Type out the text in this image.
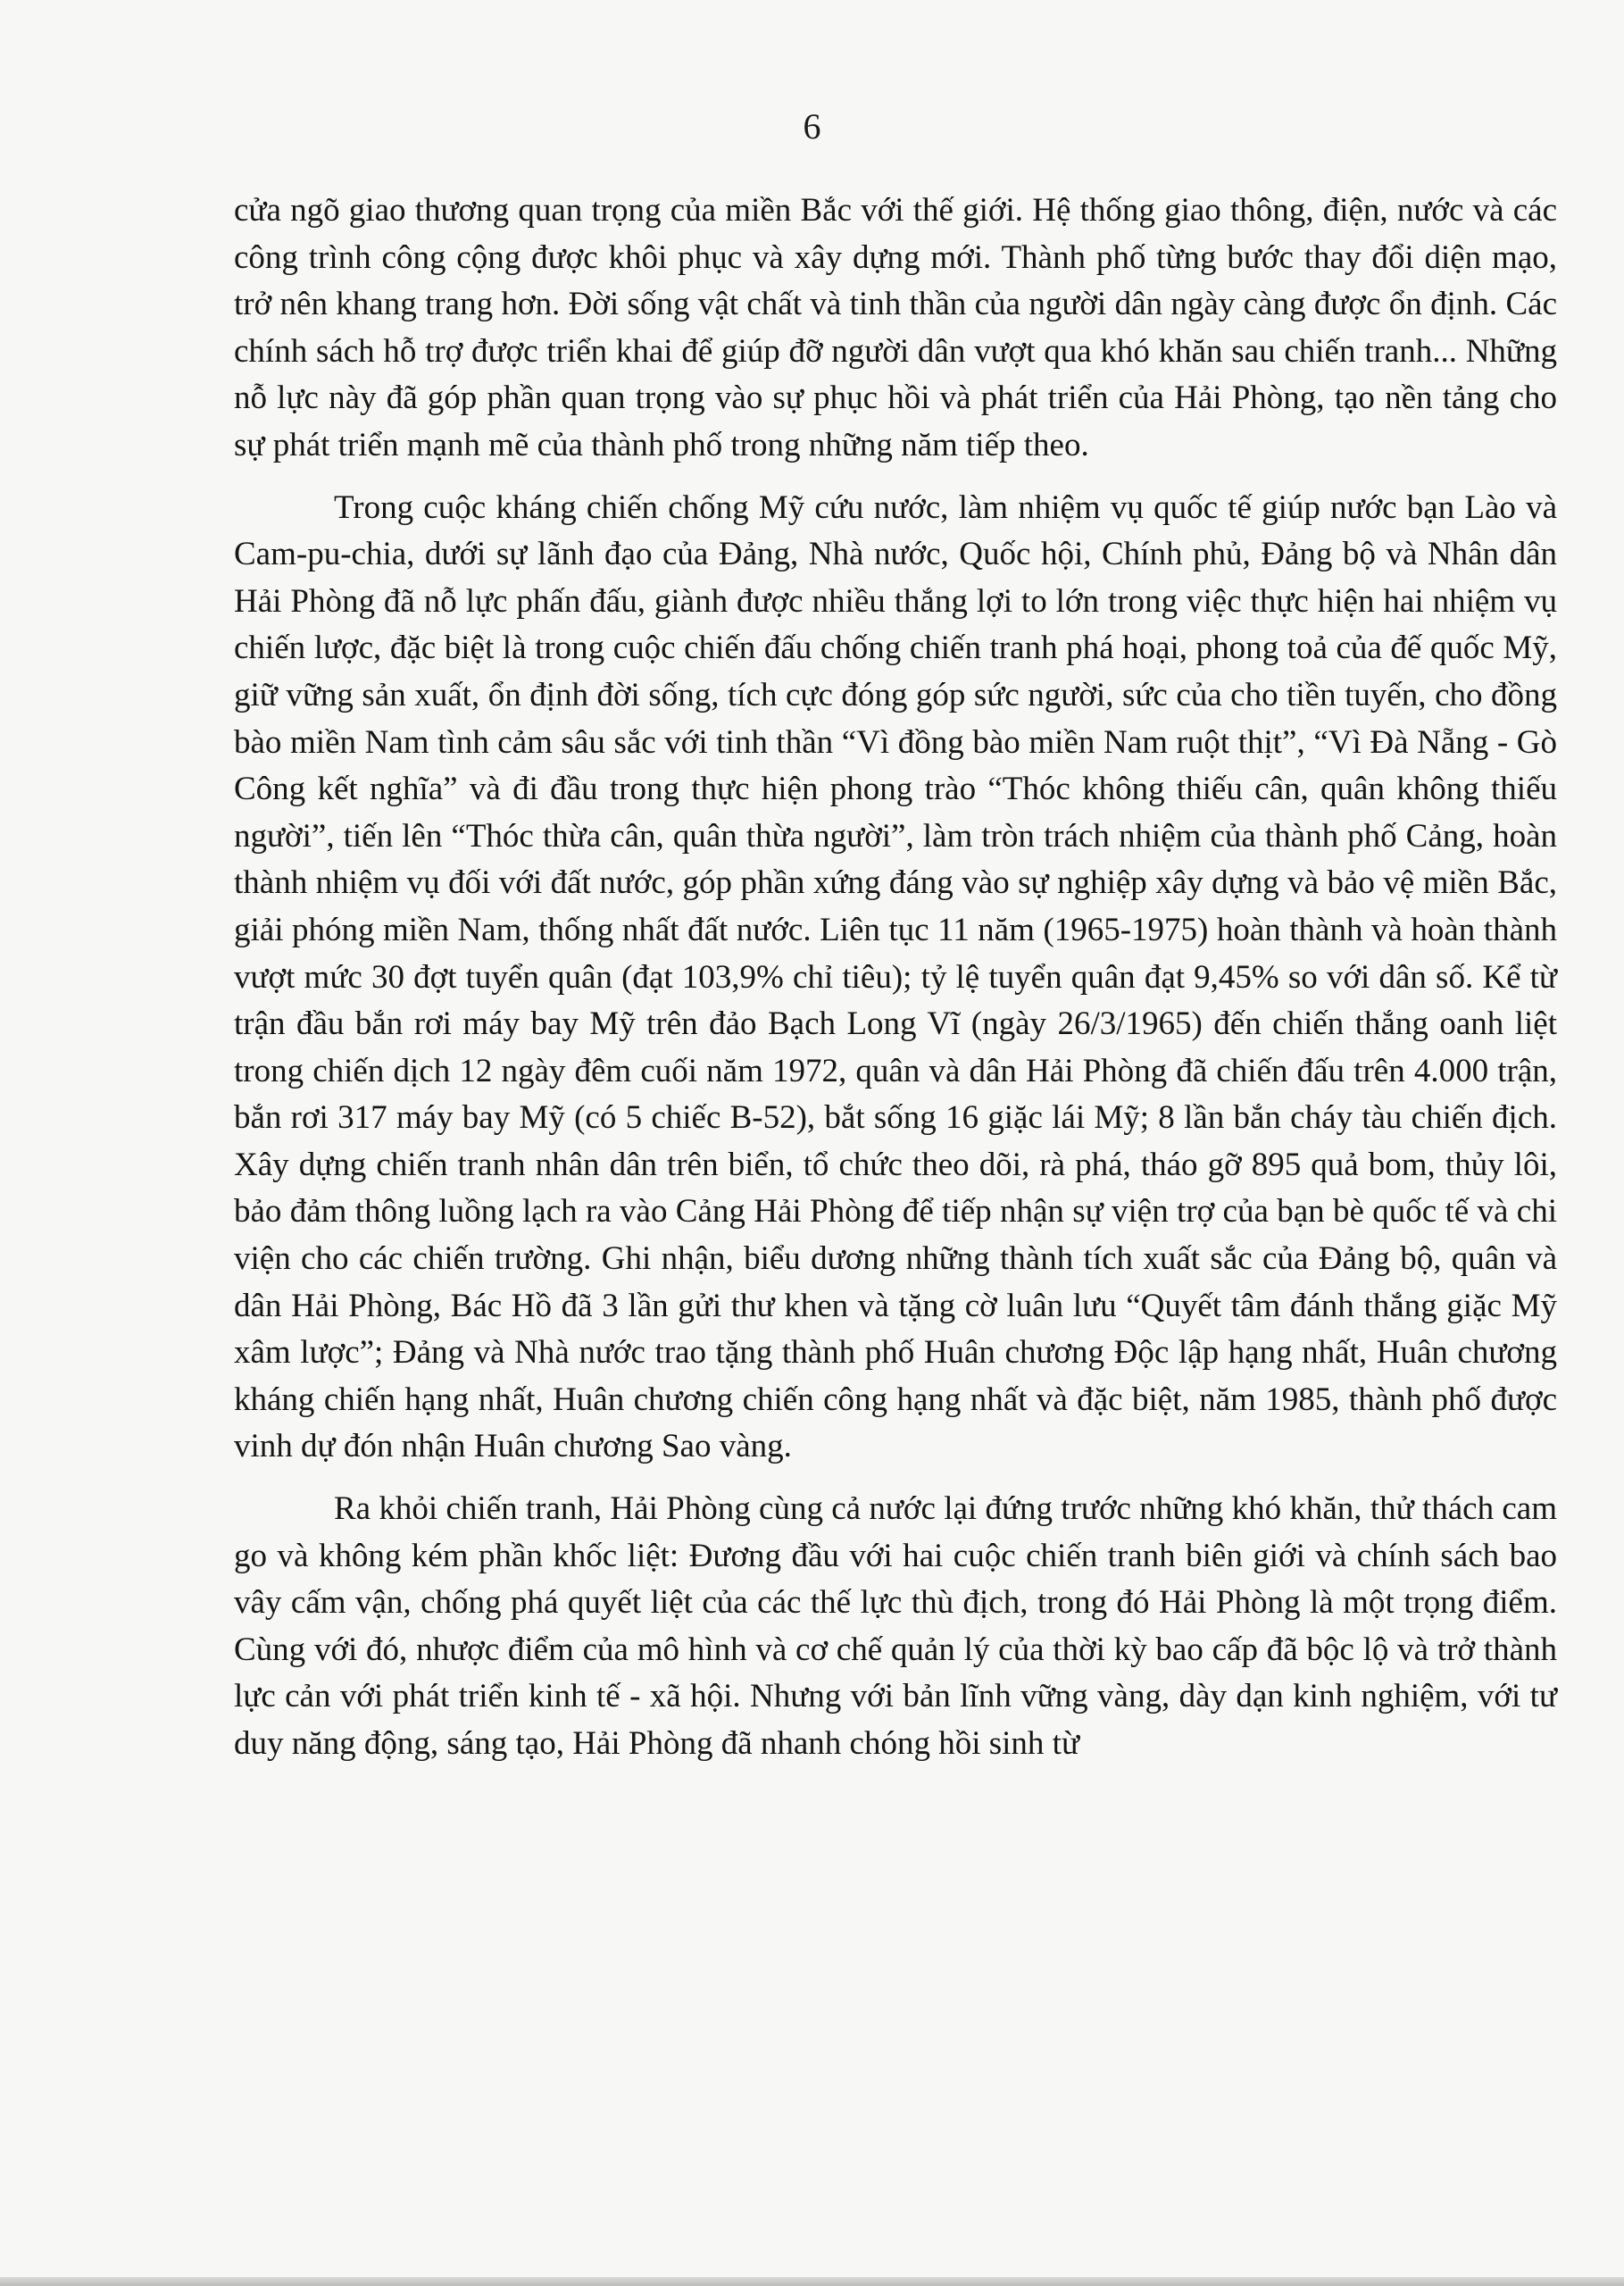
6

cửa ngõ giao thương quan trọng của miền Bắc với thế giới. Hệ thống giao thông, điện, nước và các công trình công cộng được khôi phục và xây dựng mới. Thành phố từng bước thay đổi diện mạo, trở nên khang trang hơn. Đời sống vật chất và tinh thần của người dân ngày càng được ổn định. Các chính sách hỗ trợ được triển khai để giúp đỡ người dân vượt qua khó khăn sau chiến tranh... Những nỗ lực này đã góp phần quan trọng vào sự phục hồi và phát triển của Hải Phòng, tạo nền tảng cho sự phát triển mạnh mẽ của thành phố trong những năm tiếp theo.

Trong cuộc kháng chiến chống Mỹ cứu nước, làm nhiệm vụ quốc tế giúp nước bạn Lào và Cam-pu-chia, dưới sự lãnh đạo của Đảng, Nhà nước, Quốc hội, Chính phủ, Đảng bộ và Nhân dân Hải Phòng đã nỗ lực phấn đấu, giành được nhiều thắng lợi to lớn trong việc thực hiện hai nhiệm vụ chiến lược, đặc biệt là trong cuộc chiến đấu chống chiến tranh phá hoại, phong toả của đế quốc Mỹ, giữ vững sản xuất, ổn định đời sống, tích cực đóng góp sức người, sức của cho tiền tuyến, cho đồng bào miền Nam tình cảm sâu sắc với tinh thần “Vì đồng bào miền Nam ruột thịt”, “Vì Đà Nẵng - Gò Công kết nghĩa” và đi đầu trong thực hiện phong trào “Thóc không thiếu cân, quân không thiếu người”, tiến lên “Thóc thừa cân, quân thừa người”, làm tròn trách nhiệm của thành phố Cảng, hoàn thành nhiệm vụ đối với đất nước, góp phần xứng đáng vào sự nghiệp xây dựng và bảo vệ miền Bắc, giải phóng miền Nam, thống nhất đất nước. Liên tục 11 năm (1965-1975) hoàn thành và hoàn thành vượt mức 30 đợt tuyển quân (đạt 103,9% chỉ tiêu); tỷ lệ tuyển quân đạt 9,45% so với dân số. Kể từ trận đầu bắn rơi máy bay Mỹ trên đảo Bạch Long Vĩ (ngày 26/3/1965) đến chiến thắng oanh liệt trong chiến dịch 12 ngày đêm cuối năm 1972, quân và dân Hải Phòng đã chiến đấu trên 4.000 trận, bắn rơi 317 máy bay Mỹ (có 5 chiếc B-52), bắt sống 16 giặc lái Mỹ; 8 lần bắn cháy tàu chiến địch. Xây dựng chiến tranh nhân dân trên biển, tổ chức theo dõi, rà phá, tháo gỡ 895 quả bom, thủy lôi, bảo đảm thông luồng lạch ra vào Cảng Hải Phòng để tiếp nhận sự viện trợ của bạn bè quốc tế và chi viện cho các chiến trường. Ghi nhận, biểu dương những thành tích xuất sắc của Đảng bộ, quân và dân Hải Phòng, Bác Hồ đã 3 lần gửi thư khen và tặng cờ luân lưu “Quyết tâm đánh thắng giặc Mỹ xâm lược”; Đảng và Nhà nước trao tặng thành phố Huân chương Độc lập hạng nhất, Huân chương kháng chiến hạng nhất, Huân chương chiến công hạng nhất và đặc biệt, năm 1985, thành phố được vinh dự đón nhận Huân chương Sao vàng.

Ra khỏi chiến tranh, Hải Phòng cùng cả nước lại đứng trước những khó khăn, thử thách cam go và không kém phần khốc liệt: Đương đầu với hai cuộc chiến tranh biên giới và chính sách bao vây cấm vận, chống phá quyết liệt của các thế lực thù địch, trong đó Hải Phòng là một trọng điểm. Cùng với đó, nhược điểm của mô hình và cơ chế quản lý của thời kỳ bao cấp đã bộc lộ và trở thành lực cản với phát triển kinh tế - xã hội. Nhưng với bản lĩnh vững vàng, dày dạn kinh nghiệm, với tư duy năng động, sáng tạo, Hải Phòng đã nhanh chóng hồi sinh từ
